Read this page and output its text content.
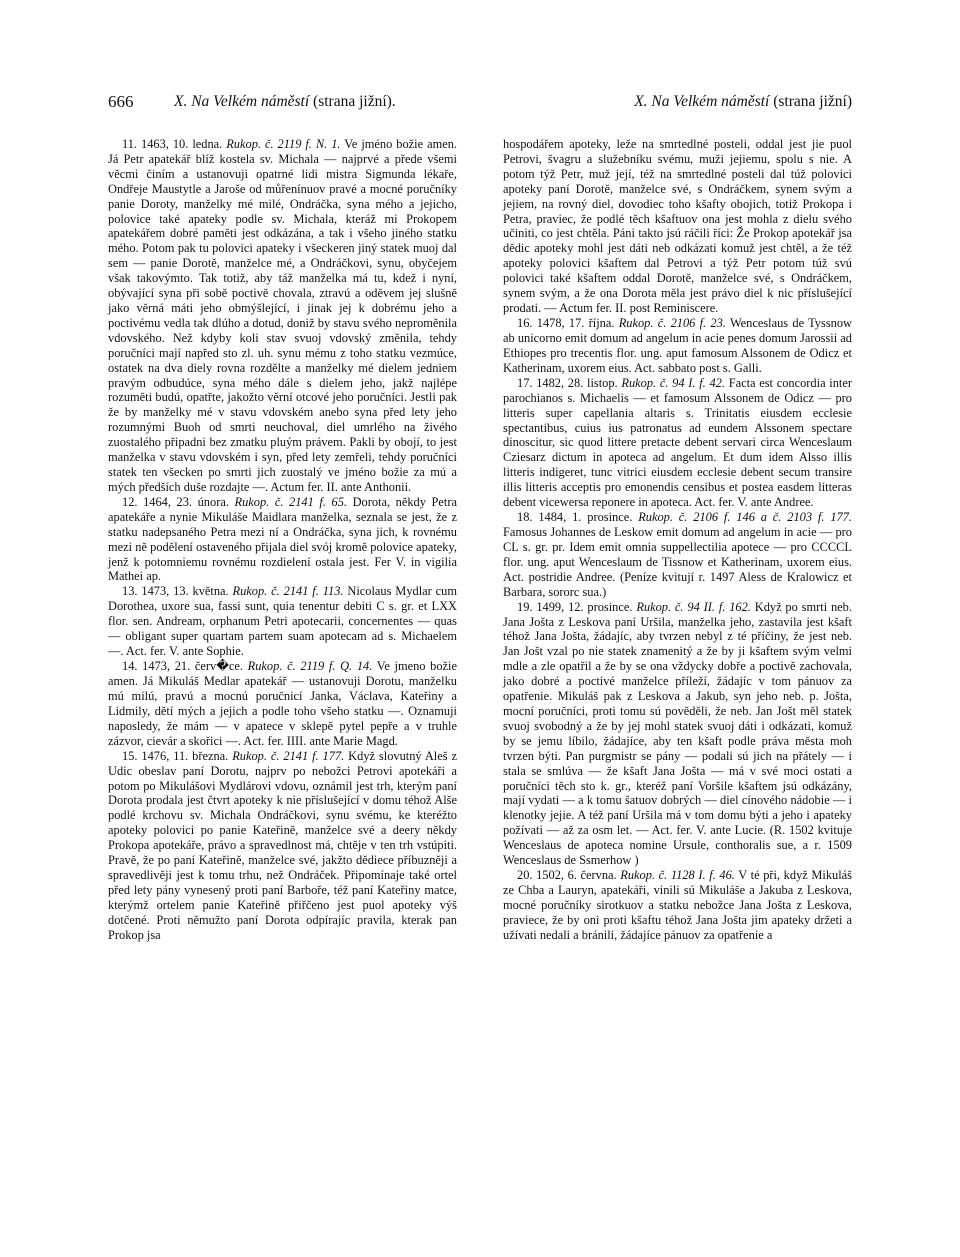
666	X. Na Velkém náměstí (strana jižní).	X. Na Velkém náměstí (strana jižní)

11. 1463, 10. ledna. Rukop. č. 2119 f. N. 1. Ve jméno božie amen. Já Petr apatekář blíž kostela sv. Michala — najprvé a přede všemi věcmi činím a ustanovuji opatrné lidi mistra Sigmunda lékaře, Ondřeje Maustytle a Jaroše od můřenínuov pravé a mocné poručníky panie Doroty, manželky mé milé, Ondráčka, syna mého a jejicho, polovice také apateky podle sv. Michala, kteráž mi Prokopem apatekářem dobré paměti jest odkázána, a tak i všeho jiného statku mého. Potom pak tu polovici apateky i všeckeren jiný statek muoj dal sem — panie Dorotě, manželce mé, a Ondráčkovi, synu, obyčejem však takovýmto. Tak totiž, aby táž manželka má tu, kdež i nyní, obývající syna při sobě poctivě chovala, ztravú a oděvem jej slušně jako věrná máti jeho obmýšlející, i jinak jej k dobrému jeho a poctivému vedla tak dlúho a dotud, doniž by stavu svého neproměnila vdovského. Než kdyby koli stav svuoj vdovský změnila, tehdy poručníci mají napřed sto zl. uh. synu mému z toho statku vezmúce, ostatek na dva diely rovna rozdělte a manželky mé dielem jedniem pravým odbudúce, syna mého dále s dielem jeho, jakž najlépe rozuměti budú, opatřte, jakožto věrní otcové jeho poručníci. Jestli pak že by manželky mé v stavu vdovském anebo syna před lety jeho rozumnými Buoh od smrti neuchoval, diel umrlého na živého zuostalého připadni bez zmatku pluým právem. Pakli by obojí, to jest manželka v stavu vdovském i syn, před lety zemřeli, tehdy poručníci statek ten všecken po smrti jich zuostalý ve jméno božie za mú a mých předších duše rozdajte —. Actum fer. II. ante Anthonii.

12. 1464, 23. února. Rukop. č. 2141 f. 65. Dorota, někdy Petra apatekáře a nynie Mikuláše Maidlara manželka, seznala se jest, že z statku nadepsaného Petra mezi ní a Ondráčka, syna jich, k rovnému mezi ně podělení ostaveného přijala diel svój kromě polovice apateky, jenž k potomniemu rovnému rozdielení ostala jest. Fer V. in vigilia Mathei ap.

13. 1473, 13. května. Rukop. č. 2141 f. 113. Nicolaus Mydlar cum Dorothea, uxore sua, fassi sunt, quia tenentur debiti C s. gr. et LXX flor. sen. Andream, orphanum Petri apotecarii, concernentes — quas — obligant super quartam partem suam apotecam ad s. Michaelem —. Act. fer. V. ante Sophie.

14. 1473, 21. červ�ce. Rukop. č. 2119 f. Q. 14. Ve jmeno božie amen. Já Mikuláš Medlar apatekář — ustanovuji Dorotu, manželku mú milú, pravú a mocnú poručnicí Janka, Václava, Kateřiny a Lidmily, dětí mých a jejich a podle toho všeho statku —. Oznamuji naposledy, že mám — v apatece v sklepě pytel pepře a v truhle zázvor, cievár a skořici —. Act. fer. IIII. ante Marie Magd.

15. 1476, 11. března. Rukop. č. 2141 f. 177. Když slovutný Aleš z Udic obeslav paní Dorotu, najprv po nebožci Petrovi apotekáři a potom po Mikulášovi Mydlárovi vdovu, oznámil jest trh, kterým paní Dorota prodala jest čtvrt apoteky k nie příslušející v domu téhož Alše podlé krchovu sv. Michala Ondráčkovi, synu svému, ke kteréžto apoteky polovici po panie Kateřině, manželce své a deery někdy Prokopa apotekáře, právo a spravedlnost má, chtěje v ten trh vstúpiti. Pravě, že po paní Kateřině, manželce své, jakžto dědiece příbuzněji a spravedlivěji jest k tomu trhu, než Ondráček. Připomínaje také ortel před lety pány vynesený proti paní Barboře, též paní Kateřiny matce, kterýmž ortelem panie Kateřině přiřčeno jest puol apoteky výš dotčené. Proti němužto paní Dorota odpírajíc pravila, kterak pan Prokop jsa

hospodářem apoteky, leže na smrtedlné posteli, oddal jest jie puol Petrovi, švagru a služebníku svému, muži jejiemu, spolu s nie. A potom týž Petr, muž její, též na smrtedlné posteli dal túž polovici apoteky paní Dorotě, manželce své, s Ondráčkem, synem svým a jejiem, na rovný diel, dovodiec toho kšafty obojich, totiž Prokopa i Petra, praviec, že podlé těch kšaftuov ona jest mohla z dielu svého učiniti, co jest chtěla. Páni takto jsú ráčili říci: Že Prokop apotekář jsa dědic apoteky mohl jest dáti neb odkázati komuž jest chtěl, a že též apoteky polovici kšaftem dal Petrovi a týž Petr potom túž svú polovici také kšaftem oddal Dorotě, manželce své, s Ondráčkem, synem svým, a že ona Dorota měla jest právo diel k nic příslušející prodati. — Actum fer. II. post Reminiscere.

16. 1478, 17. října. Rukop. č. 2106 f. 23. Wenceslaus de Tyssnow ab unicorno emit domum ad angelum in acie penes domum Jarossii ad Ethiopes pro trecentis flor. ung. aput famosum Alssonem de Odicz et Katherinam, uxorem eius. Act. sabbato post s. Galli.

17. 1482, 28. listop. Rukop. č. 94 I. f. 42. Facta est concordia inter parochianos s. Michaelis — et famosum Alssonem de Odicz — pro litteris super capellania altaris s. Trinitatis eiusdem ecclesie spectantibus, cuius ius patronatus ad eundem Alssonem spectare dinoscitur, sic quod littere pretacte debent servari circa Wenceslaum Cziesarz dictum in apoteca ad angelum. Et dum idem Alsso illis litteris indigeret, tunc vitrici eiusdem ecclesie debent secum transire illis litteris acceptis pro emonendis censibus et postea easdem litteras debent vicewersa reponere in apoteca. Act. fer. V. ante Andree.

18. 1484, 1. prosince. Rukop. č. 2106 f. 146 a č. 2103 f. 177. Famosus Johannes de Leskow emit domum ad angelum in acie — pro CL s. gr. pr. Idem emit omnia suppellectilia apotece — pro CCCCL flor. ung. aput Wenceslaum de Tissnow et Katherinam, uxorem eius. Act. postridie Andree. (Peníze kvitují r. 1497 Aless de Kralowicz et Barbara, sororc sua.)

19. 1499, 12. prosince. Rukop. č. 94 II. f. 162. Když po smrti neb. Jana Jošta z Leskova paní Uršila, manželka jeho, zastavila jest kšaft téhož Jana Jošta, žádajíc, aby tvrzen nebyl z té příčiny, že jest neb. Jan Jošt vzal po nie statek znamenitý a že by ji kšaftem svým velmi mdle a zle opatřil a že by se ona vždycky dobře a poctivě zachovala, jako dobré a poctivé manželce příleží, žádajíc v tom pánuov za opatřenie. Mikuláš pak z Leskova a Jakub, syn jeho neb. p. Jošta, mocní poručníci, proti tomu sú pověděli, že neb. Jan Jošt měl statek svuoj svobodný a že by jej mohl statek svuoj dáti i odkázati, komuž by se jemu líbilo, žádajíce, aby ten kšaft podle práva města moh tvrzen býti. Pan purgmistr se pány — podali sú jich na přátely — i stala se smlúva — že kšaft Jana Jošta — má v své moci ostati a poručníci těch sto k. gr., kteréž paní Voršile kšaftem jsú odkázány, mají vydati — a k tomu šatuov dobrých — diel cínového nádobie — i klenotky jejie. A též paní Uršila má v tom domu býti a jeho i apateky požívati — až za osm let. — Act. fer. V. ante Lucie. (R. 1502 kvituje Wenceslaus de apoteca nomine Ursule, conthoralis sue, a r. 1509 Wenceslaus de Ssmerhow )

20. 1502, 6. června. Rukop. č. 1128 I. f. 46. V té při, když Mikuláš ze Chba a Lauryn, apatekáři, vinili sú Mikuláše a Jakuba z Leskova, mocné poručníky sirotkuov a statku nebožce Jana Jošta z Leskova, praviece, že by oni proti kšaftu téhož Jana Jošta jim apateky držeti a užívati nedali a bránili, žádajíce pánuov za opatřenie a
